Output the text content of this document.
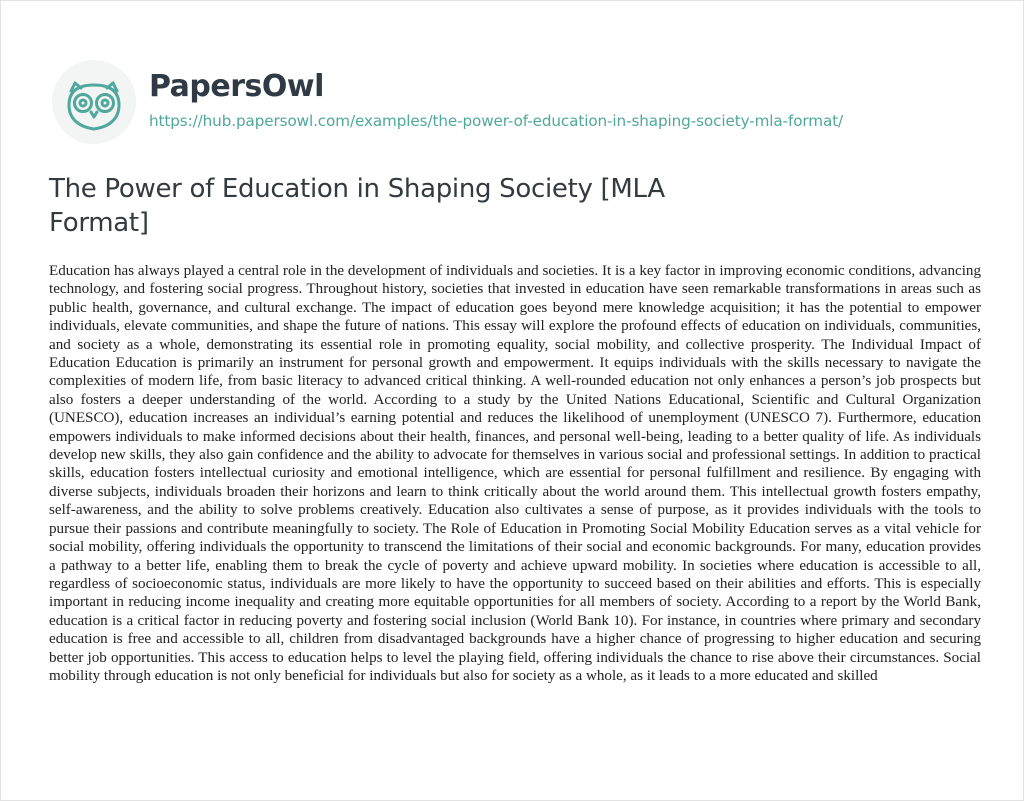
PapersOwl
https://hub.papersowl.com/examples/the-power-of-education-in-shaping-society-mla-format/
The Power of Education in Shaping Society [MLA Format]

Education has always played a central role in the development of individuals and societies. It is a key factor in improving economic conditions, advancing technology, and fostering social progress. Throughout history, societies that invested in education have seen remarkable transformations in areas such as public health, governance, and cultural exchange. The impact of education goes beyond mere knowledge acquisition; it has the potential to empower individuals, elevate communities, and shape the future of nations. This essay will explore the profound effects of education on individuals, communities, and society as a whole, demonstrating its essential role in promoting equality, social mobility, and collective prosperity. The Individual Impact of Education Education is primarily an instrument for personal growth and empowerment. It equips individuals with the skills necessary to navigate the complexities of modern life, from basic literacy to advanced critical thinking. A well-rounded education not only enhances a person’s job prospects but also fosters a deeper understanding of the world. According to a study by the United Nations Educational, Scientific and Cultural Organization (UNESCO), education increases an individual’s earning potential and reduces the likelihood of unemployment (UNESCO 7). Furthermore, education empowers individuals to make informed decisions about their health, finances, and personal well-being, leading to a better quality of life. As individuals develop new skills, they also gain confidence and the ability to advocate for themselves in various social and professional settings. In addition to practical skills, education fosters intellectual curiosity and emotional intelligence, which are essential for personal fulfillment and resilience. By engaging with diverse subjects, individuals broaden their horizons and learn to think critically about the world around them. This intellectual growth fosters empathy, self-awareness, and the ability to solve problems creatively. Education also cultivates a sense of purpose, as it provides individuals with the tools to pursue their passions and contribute meaningfully to society. The Role of Education in Promoting Social Mobility Education serves as a vital vehicle for social mobility, offering individuals the opportunity to transcend the limitations of their social and economic backgrounds. For many, education provides a pathway to a better life, enabling them to break the cycle of poverty and achieve upward mobility. In societies where education is accessible to all, regardless of socioeconomic status, individuals are more likely to have the opportunity to succeed based on their abilities and efforts. This is especially important in reducing income inequality and creating more equitable opportunities for all members of society. According to a report by the World Bank, education is a critical factor in reducing poverty and fostering social inclusion (World Bank 10). For instance, in countries where primary and secondary education is free and accessible to all, children from disadvantaged backgrounds have a higher chance of progressing to higher education and securing better job opportunities. This access to education helps to level the playing field, offering individuals the chance to rise above their circumstances. Social mobility through education is not only beneficial for individuals but also for society as a whole, as it leads to a more educated and skilled
